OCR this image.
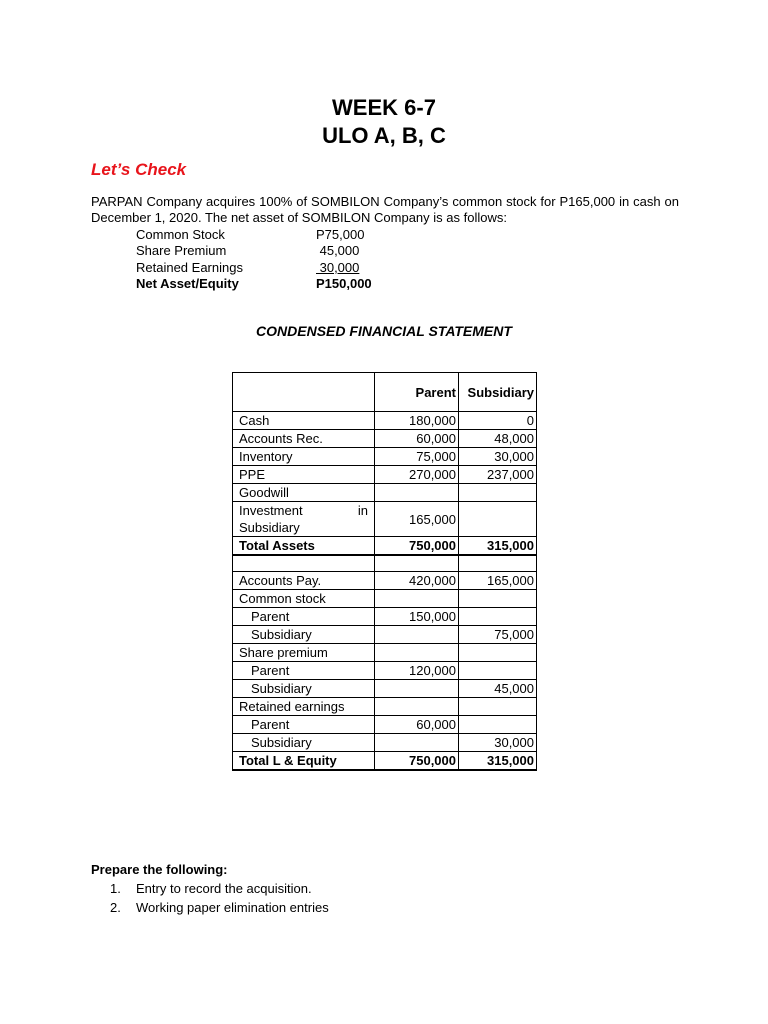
WEEK 6-7
ULO A, B, C
Let’s Check

PARPAN Company acquires 100% of SOMBILON Company’s common stock for P165,000 in cash on December 1, 2020. The net asset of SOMBILON Company is as follows:

Common Stock	P75,000
Share Premium	45,000
Retained Earnings	30,000
Net Asset/Equity	P150,000
CONDENSED FINANCIAL STATEMENT
	Parent	Subsidiary
Cash	180,000	0
Accounts Rec.	60,000	48,000
Inventory	75,000	30,000
PPE	270,000	237,000
Goodwill		

Investment in
Subsidiary	165,000	
Total Assets	750,000	315,000

Accounts Pay.	420,000	165,000
Common stock		
Parent	150,000	
Subsidiary		75,000
Share premium		
Parent	120,000	
Subsidiary		45,000
Retained earnings		
Parent	60,000	
Subsidiary		30,000
Total L & Equity	750,000	315,000
Prepare the following:
1.	Entry to record the acquisition.
2.	Working paper elimination entries
